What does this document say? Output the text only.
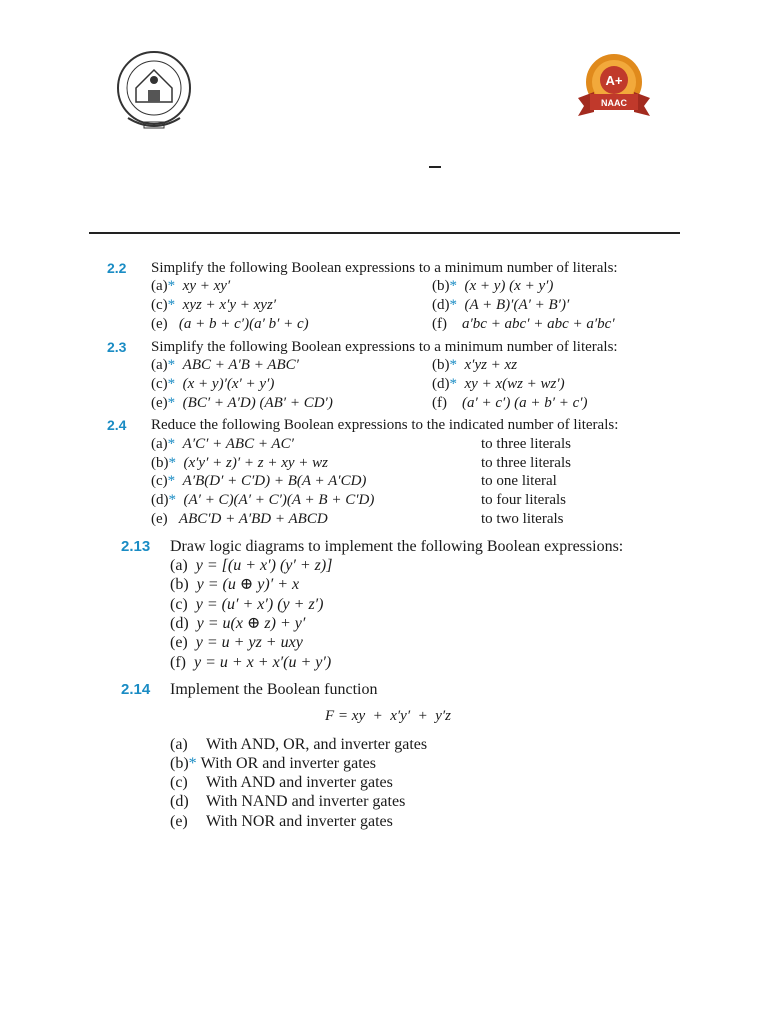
A+
NAAC
2.2 Simplify the following Boolean expressions to a minimum number of literals:
(a)* xy + xy′	(b)* (x + y) (x + y′)
(c)* xyz + x′y + xyz′	(d)* (A + B)′(A′ + B′)′
(e) (a + b + c′)(a′ b′ + c)	(f) a′bc + abc′ + abc + a′bc′
2.3 Simplify the following Boolean expressions to a minimum number of literals:
(a)* ABC + A′B + ABC′	(b)* x′yz + xz
(c)* (x + y)′(x′ + y′)	(d)* xy + x(wz + wz′)
(e)* (BC′ + A′D) (AB′ + CD′)	(f) (a′ + c′) (a + b′ + c′)
2.4 Reduce the following Boolean expressions to the indicated number of literals:
(a)* A′C′ + ABC + AC′	to three literals
(b)* (x′y′ + z)′ + z + xy + wz	to three literals
(c)* A′B(D′ + C′D) + B(A + A′CD)	to one literal
(d)* (A′ + C)(A′ + C′)(A + B + C′D)	to four literals
(e) ABC′D + A′BD + ABCD	to two literals
2.13 Draw logic diagrams to implement the following Boolean expressions:
(a) y = [(u + x′) (y′ + z)]
(b) y = (u ⊕ y)′ + x
(c) y = (u′ + x′) (y + z′)
(d) y = u(x ⊕ z) + y′
(e) y = u + yz + uxy
(f) y = u + x + x′(u + y′)
2.14 Implement the Boolean function
F = xy  +  x′y′  +  y′z
(a) With AND, OR, and inverter gates
(b)* With OR and inverter gates
(c) With AND and inverter gates
(d) With NAND and inverter gates
(e) With NOR and inverter gates
